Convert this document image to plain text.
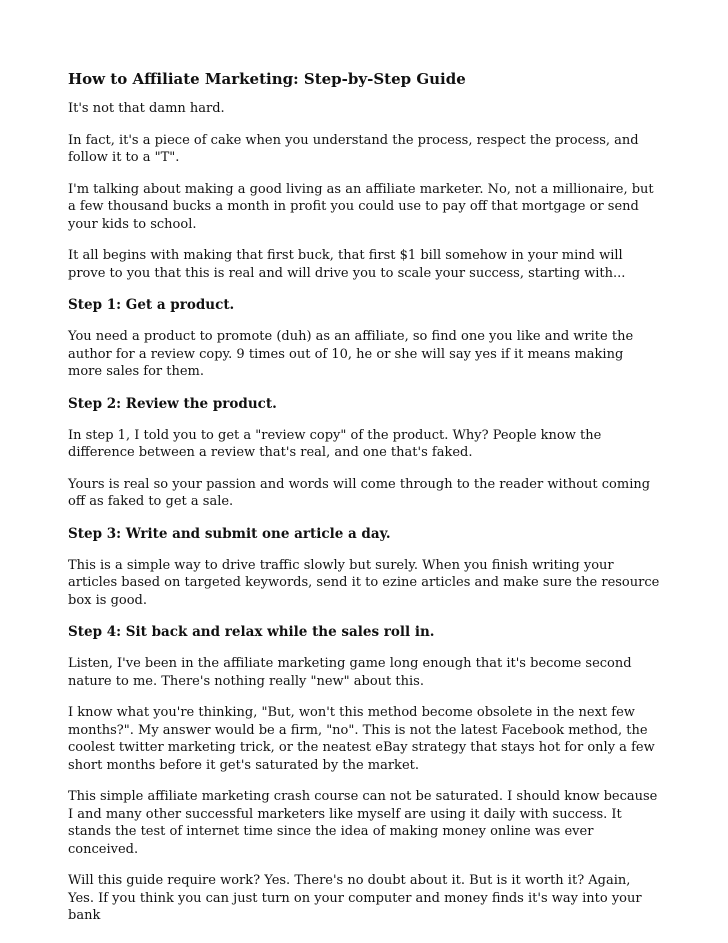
How to Affiliate Marketing: Step-by-Step Guide

It's not that damn hard.

In fact, it's a piece of cake when you understand the process, respect the process, and follow it to a "T".

I'm talking about making a good living as an affiliate marketer. No, not a millionaire, but a few thousand bucks a month in profit you could use to pay off that mortgage or send your kids to school.

It all begins with making that first buck, that first $1 bill somehow in your mind will prove to you that this is real and will drive you to scale your success, starting with...

Step 1: Get a product.

You need a product to promote (duh) as an affiliate, so find one you like and write the author for a review copy. 9 times out of 10, he or she will say yes if it means making more sales for them.

Step 2: Review the product.

In step 1, I told you to get a "review copy" of the product. Why? People know the difference between a review that's real, and one that's faked.

Yours is real so your passion and words will come through to the reader without coming off as faked to get a sale.

Step 3: Write and submit one article a day.

This is a simple way to drive traffic slowly but surely. When you finish writing your articles based on targeted keywords, send it to ezine articles and make sure the resource box is good.

Step 4: Sit back and relax while the sales roll in.

Listen, I've been in the affiliate marketing game long enough that it's become second nature to me. There's nothing really "new" about this.

I know what you're thinking, "But, won't this method become obsolete in the next few months?". My answer would be a firm, "no". This is not the latest Facebook method, the coolest twitter marketing trick, or the neatest eBay strategy that stays hot for only a few short months before it get's saturated by the market.

This simple affiliate marketing crash course can not be saturated. I should know because I and many other successful marketers like myself are using it daily with success. It stands the test of internet time since the idea of making money online was ever conceived.

Will this guide require work? Yes. There's no doubt about it. But is it worth it? Again, Yes. If you think you can just turn on your computer and money finds it's way into your bank
